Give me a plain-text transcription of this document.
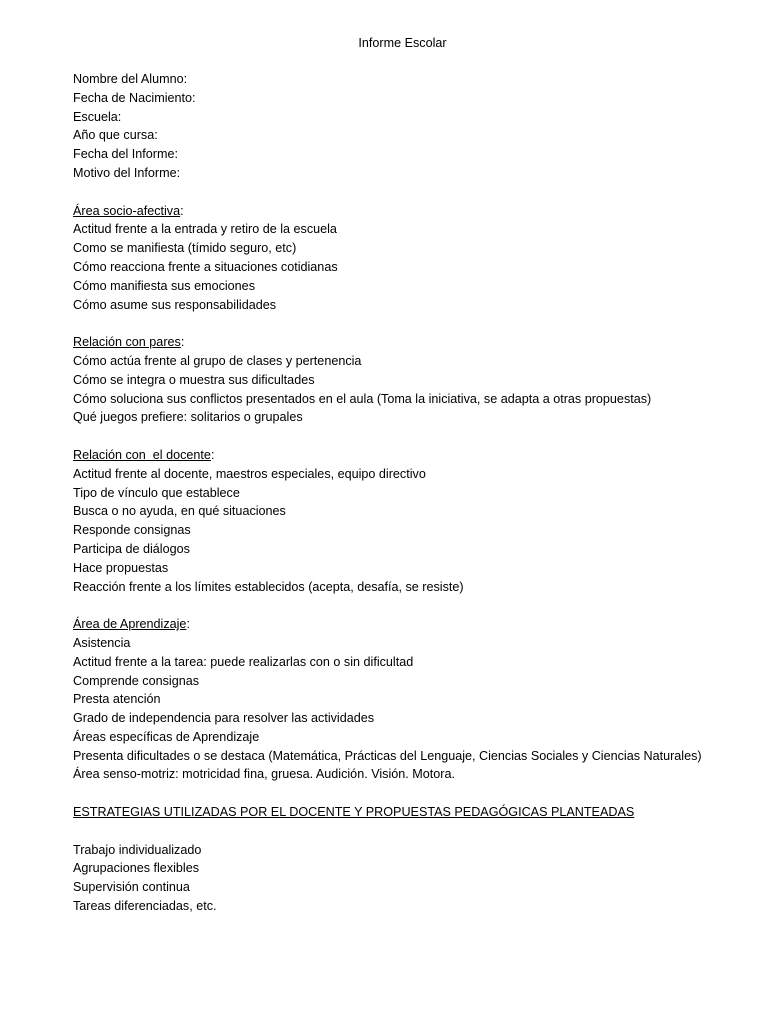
Informe Escolar
Nombre del Alumno:
Fecha de Nacimiento:
Escuela:
Año que cursa:
Fecha del Informe:
Motivo del Informe:
Área socio-afectiva:
Actitud frente a la entrada y retiro de la escuela
Como se manifiesta (tímido seguro, etc)
Cómo reacciona frente a situaciones cotidianas
Cómo manifiesta sus emociones
Cómo asume sus responsabilidades
Relación con pares:
Cómo actúa frente al grupo de clases y pertenencia
Cómo se integra o muestra sus dificultades
Cómo soluciona sus conflictos presentados en el aula (Toma la iniciativa, se adapta a otras propuestas)
Qué juegos prefiere: solitarios o grupales
Relación con  el docente:
Actitud frente al docente, maestros especiales, equipo directivo
Tipo de vínculo que establece
Busca o no ayuda, en qué situaciones
Responde consignas
Participa de diálogos
Hace propuestas
Reacción frente a los límites establecidos (acepta, desafía, se resiste)
Área de Aprendizaje:
Asistencia
Actitud frente a la tarea: puede realizarlas con o sin dificultad
Comprende consignas
Presta atención
Grado de independencia para resolver las actividades
Áreas específicas de Aprendizaje
Presenta dificultades o se destaca (Matemática, Prácticas del Lenguaje, Ciencias Sociales y Ciencias Naturales)
Área senso-motriz: motricidad fina, gruesa. Audición. Visión. Motora.
ESTRATEGIAS UTILIZADAS POR EL DOCENTE Y PROPUESTAS PEDAGÓGICAS PLANTEADAS
Trabajo individualizado
Agrupaciones flexibles
Supervisión continua
Tareas diferenciadas, etc.
